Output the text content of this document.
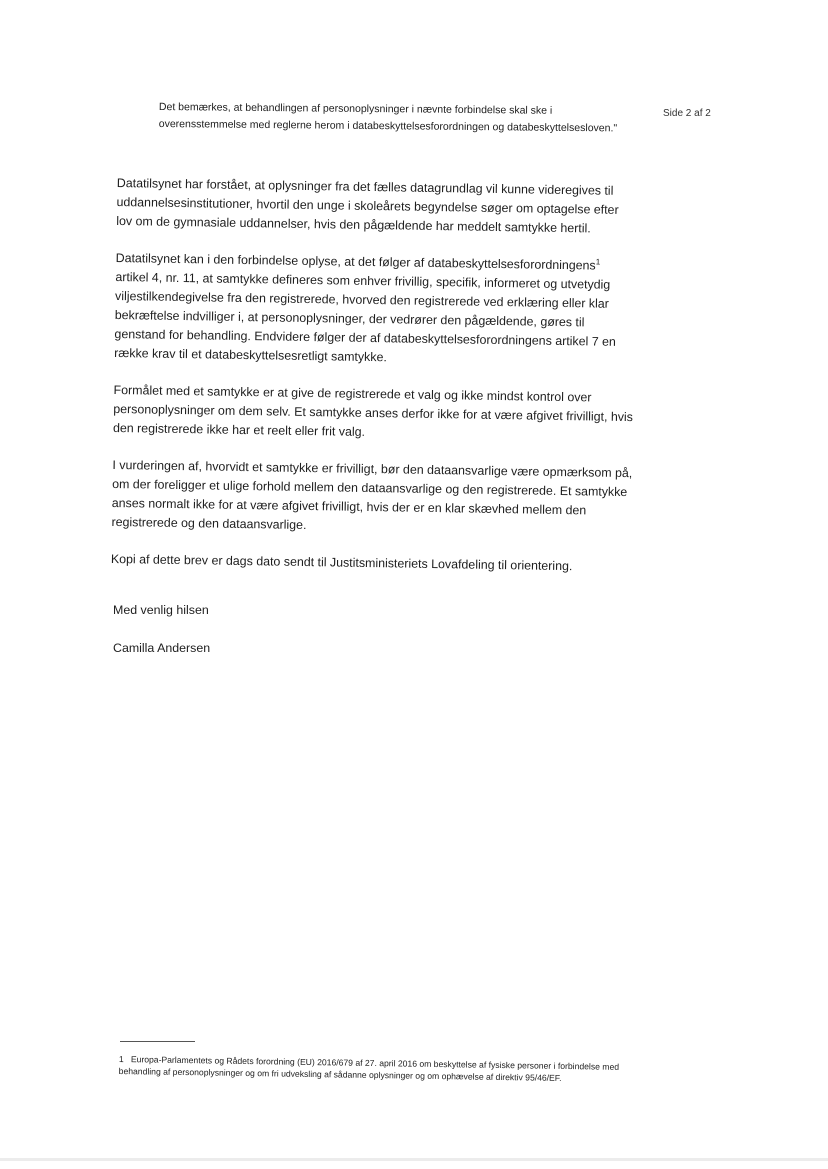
Det bemærkes, at behandlingen af personoplysninger i nævnte forbindelse skal ske i overensstemmelse med reglerne herom i databeskyttelsesforordningen og databeskyttelsesloven."
Side 2 af 2

Datatilsynet har forstået, at oplysninger fra det fælles datagrundlag vil kunne videregives til uddannelsesinstitutioner, hvortil den unge i skoleårets begyndelse søger om optagelse efter lov om de gymnasiale uddannelser, hvis den pågældende har meddelt samtykke hertil.

Datatilsynet kan i den forbindelse oplyse, at det følger af databeskyttelsesforordningens$^1$ artikel 4, nr. 11, at samtykke defineres som enhver frivillig, specifik, informeret og utvetydig viljestilkendegivelse fra den registrerede, hvorved den registrerede ved erklæring eller klar bekræftelse indvilliger i, at personoplysninger, der vedrører den pågældende, gøres til genstand for behandling. Endvidere følger der af databeskyttelsesforordningens artikel 7 en række krav til et databeskyttelsesretligt samtykke.

Formålet med et samtykke er at give de registrerede et valg og ikke mindst kontrol over personoplysninger om dem selv. Et samtykke anses derfor ikke for at være afgivet frivilligt, hvis den registrerede ikke har et reelt eller frit valg.

I vurderingen af, hvorvidt et samtykke er frivilligt, bør den dataansvarlige være opmærksom på, om der foreligger et ulige forhold mellem den dataansvarlige og den registrerede. Et samtykke anses normalt ikke for at være afgivet frivilligt, hvis der er en klar skævhed mellem den registrerede og den dataansvarlige.

Kopi af dette brev er dags dato sendt til Justitsministeriets Lovafdeling til orientering.

Med venlig hilsen
Camilla Andersen
1 Europa-Parlamentets og Rådets forordning (EU) 2016/679 af 27. april 2016 om beskyttelse af fysiske personer i forbindelse med behandling af personoplysninger og om fri udveksling af sådanne oplysninger og om ophævelse af direktiv 95/46/EF.
